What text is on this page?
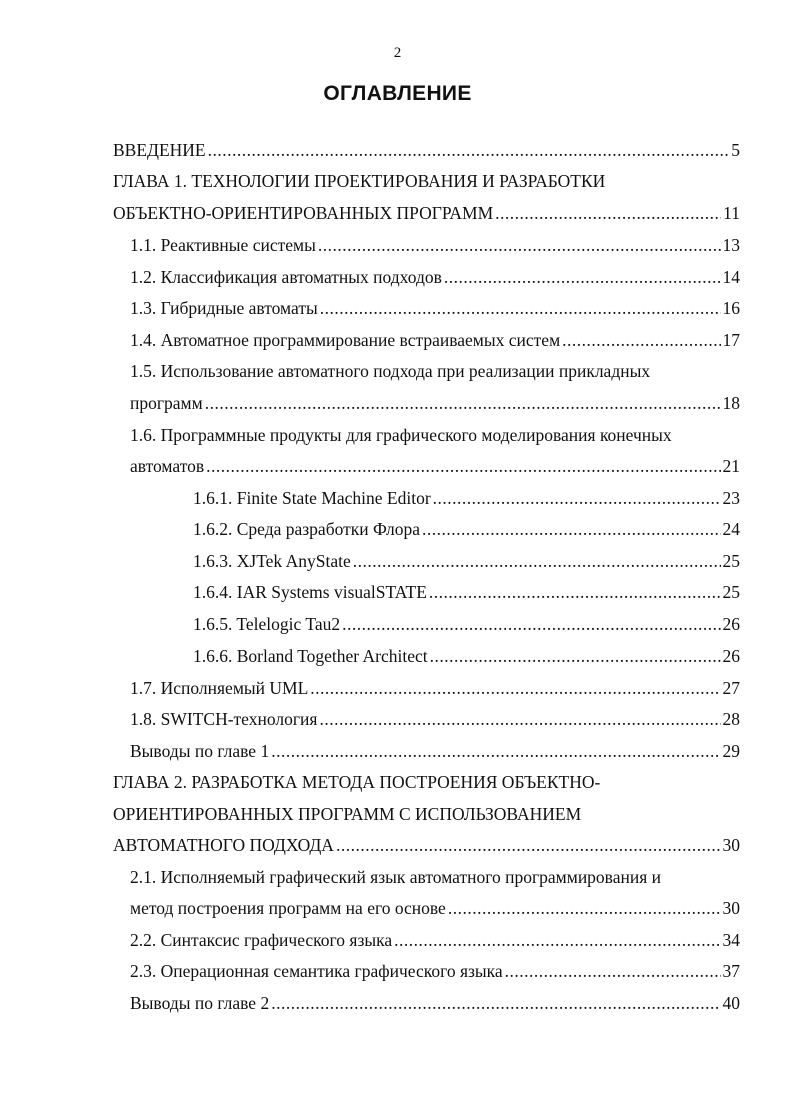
2
ОГЛАВЛЕНИЕ
ВВЕДЕНИЕ .....	5
ГЛАВА 1. ТЕХНОЛОГИИ ПРОЕКТИРОВАНИЯ И РАЗРАБОТКИ
ОБЪЕКТНО-ОРИЕНТИРОВАННЫХ ПРОГРАММ .....	11
1.1. Реактивные системы .....	13
1.2. Классификация автоматных подходов .....	14
1.3. Гибридные автоматы .....	16
1.4. Автоматное программирование встраиваемых систем .....	17
1.5. Использование автоматного подхода при реализации прикладных
программ .....	18
1.6. Программные продукты для графического моделирования конечных
автоматов .....	21
1.6.1. Finite State Machine Editor .....	23
1.6.2. Среда разработки Флора .....	24
1.6.3. XJTek AnyState .....	25
1.6.4. IAR Systems visualSTATE .....	25
1.6.5. Telelogic Tau2 .....	26
1.6.6. Borland Together Architect .....	26
1.7. Исполняемый UML .....	27
1.8. SWITCH-технология .....	28
Выводы по главе 1 .....	29
ГЛАВА 2. РАЗРАБОТКА МЕТОДА ПОСТРОЕНИЯ ОБЪЕКТНО-
ОРИЕНТИРОВАННЫХ ПРОГРАММ С ИСПОЛЬЗОВАНИЕМ
АВТОМАТНОГО ПОДХОДА .....	30
2.1. Исполняемый графический язык автоматного программирования и
метод построения программ на его основе .....	30
2.2. Синтаксис графического языка .....	34
2.3. Операционная семантика графического языка .....	37
Выводы по главе 2 .....	40
